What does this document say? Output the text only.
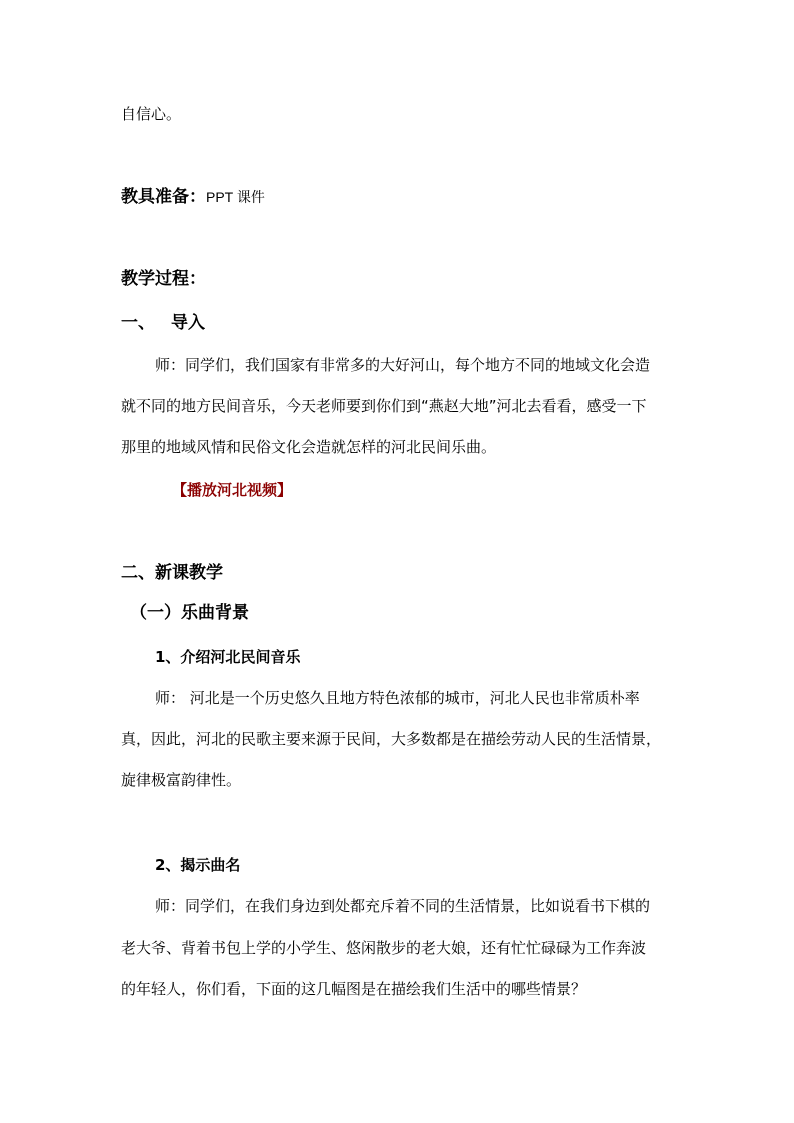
自信心。

教具准备：PPT 课件

教学过程：

一、 导入

师：同学们，我们国家有非常多的大好河山，每个地方不同的地域文化会造

就不同的地方民间音乐，今天老师要到你们到“燕赵大地”河北去看看，感受一下

那里的地域风情和民俗文化会造就怎样的河北民间乐曲。

【播放河北视频】

二、新课教学

（一）乐曲背景

1、介绍河北民间音乐

师： 河北是一个历史悠久且地方特色浓郁的城市，河北人民也非常质朴率

真，因此，河北的民歌主要来源于民间，大多数都是在描绘劳动人民的生活情景，

旋律极富韵律性。

2、揭示曲名

师：同学们，在我们身边到处都充斥着不同的生活情景，比如说看书下棋的

老大爷、背着书包上学的小学生、悠闲散步的老大娘，还有忙忙碌碌为工作奔波

的年轻人，你们看，下面的这几幅图是在描绘我们生活中的哪些情景？
